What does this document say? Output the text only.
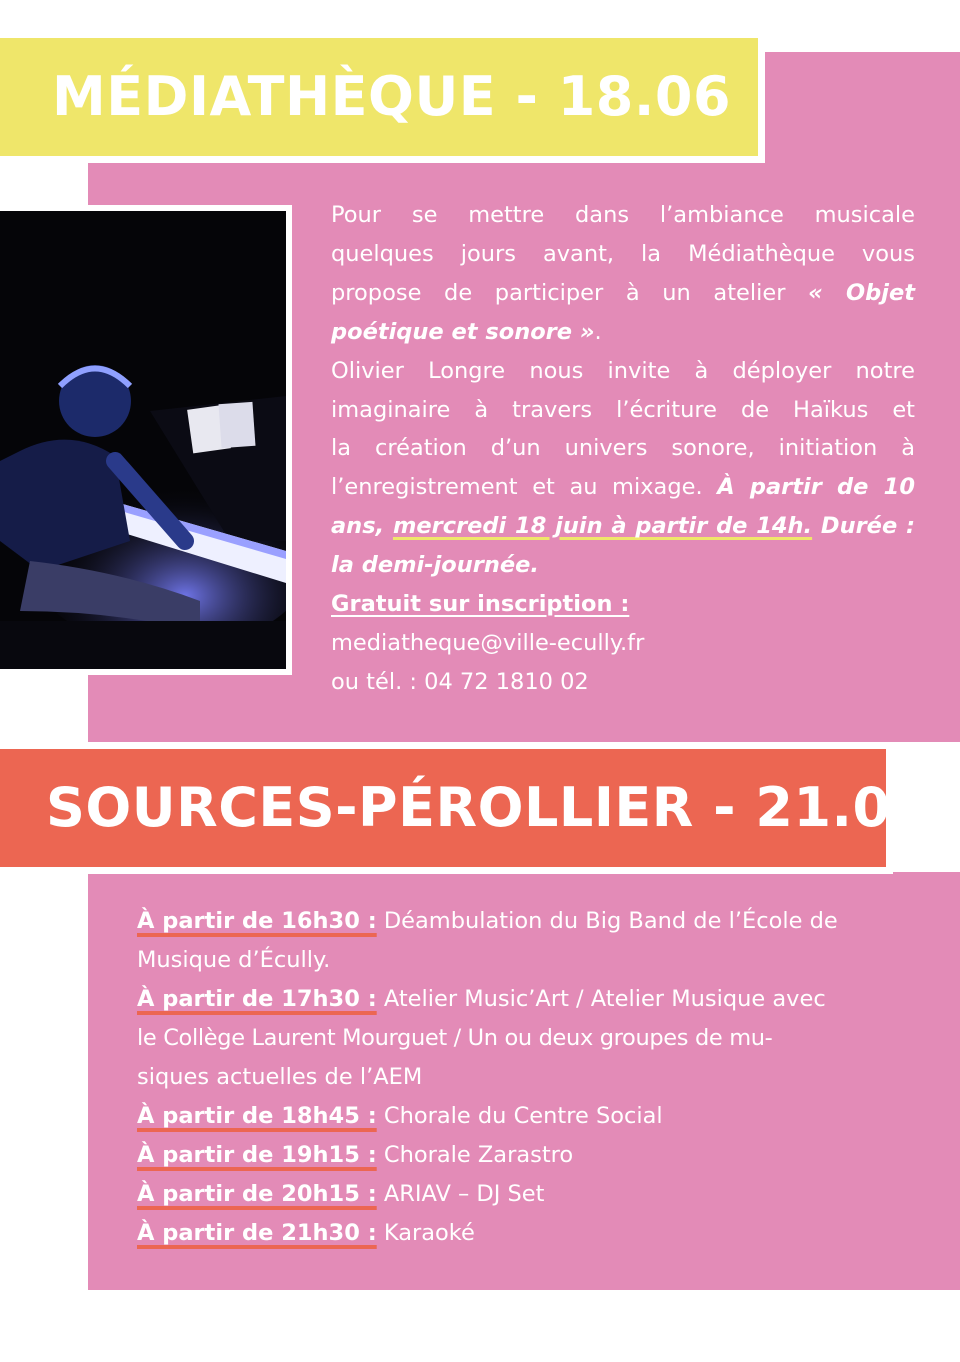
MÉDIATHÈQUE - 18.06
Pour se mettre dans l’ambiance musicale
quelques jours avant, la Médiathèque vous
propose de participer à un atelier « Objet
poétique et sonore ».
Olivier Longre nous invite à déployer notre
imaginaire à travers l’écriture de Haïkus et
la création d’un univers sonore, initiation à
l’enregistrement et au mixage. À partir de 10
ans, mercredi 18 juin à partir de 14h. Durée :
la demi-journée.
Gratuit sur inscription :
mediatheque@ville-ecully.fr
ou tél. : 04 72 1810 02
SOURCES-PÉROLLIER - 21.06
À partir de 16h30 : Déambulation du Big Band de l’École de
Musique d’Écully.
À partir de 17h30 : Atelier Music’Art / Atelier Musique avec
le Collège Laurent Mourguet / Un ou deux groupes de mu-
siques actuelles de l’AEM
À partir de 18h45 : Chorale du Centre Social
À partir de 19h15 : Chorale Zarastro
À partir de 20h15 : ARIAV – DJ Set
À partir de 21h30 : Karaoké
